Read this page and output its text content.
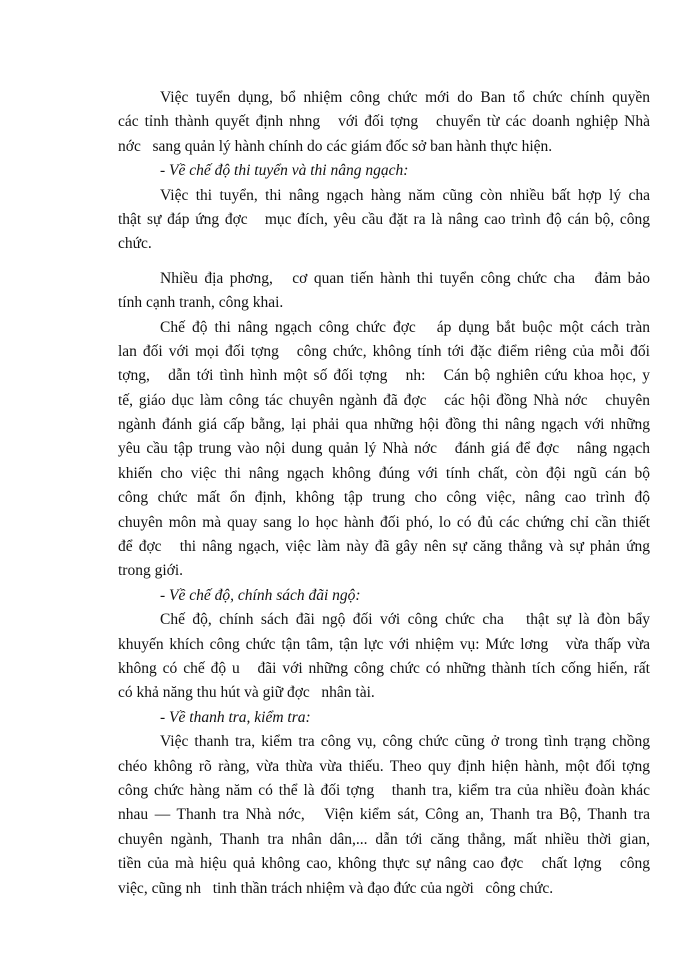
Việc tuyển dụng, bổ nhiệm công chức mới do Ban tổ chức chính quyền
các tỉnh thành quyết định nhng   với đối tợng   chuyển từ các doanh nghiệp Nhà
nớc   sang quản lý hành chính do các giám đốc sở ban hành thực hiện.
- Về chế độ thi tuyển và thi nâng ngạch:
Việc thi tuyển, thi nâng ngạch hàng năm cũng còn nhiều bất hợp lý cha
thật sự đáp ứng đợc   mục đích, yêu cầu đặt ra là nâng cao trình độ cán bộ, công
chức.
Nhiều địa phơng,   cơ quan tiến hành thi tuyển công chức cha   đảm bảo
tính cạnh tranh, công khai.
Chế độ thi nâng ngạch công chức đợc   áp dụng bắt buộc một cách tràn
lan đối với mọi đối tợng   công chức, không tính tới đặc điểm riêng của mỗi đối
tợng,   dẫn tới tình hình một số đối tợng   nh:   Cán bộ nghiên cứu khoa học, y
tế, giáo dục làm công tác chuyên ngành đã đợc   các hội đồng Nhà nớc   chuyên
ngành đánh giá cấp bằng, lại phải qua những hội đồng thi nâng ngạch với những
yêu cầu tập trung vào nội dung quản lý Nhà nớc   đánh giá để đợc   nâng ngạch
khiến cho việc thi nâng ngạch không đúng với tính chất, còn đội ngũ cán bộ
công chức mất ổn định, không tập trung cho công việc, nâng cao trình độ
chuyên môn mà quay sang lo học hành đối phó, lo có đủ các chứng chỉ cần thiết
để đợc   thi nâng ngạch, việc làm này đã gây nên sự căng thẳng và sự phản ứng
trong giới.
- Về chế độ, chính sách đãi ngộ:
Chế độ, chính sách đãi ngộ đối với công chức cha   thật sự là đòn bẩy
khuyến khích công chức tận tâm, tận lực với nhiệm vụ: Mức lơng   vừa thấp vừa
không có chế độ u   đãi với những công chức có những thành tích cống hiến, rất
có khả năng thu hút và giữ đợc   nhân tài.
- Về thanh tra, kiểm tra:
Việc thanh tra, kiểm tra công vụ, công chức cũng ở trong tình trạng chồng
chéo không rõ ràng, vừa thừa vừa thiếu. Theo quy định hiện hành, một đối tợng
công chức hàng năm có thể là đối tợng   thanh tra, kiểm tra của nhiều đoàn khác
nhau — Thanh tra Nhà nớc,   Viện kiểm sát, Công an, Thanh tra Bộ, Thanh tra
chuyên ngành, Thanh tra nhân dân,... dẫn tới căng thẳng, mất nhiều thời gian,
tiền của mà hiệu quả không cao, không thực sự nâng cao đợc   chất lợng   công
việc, cũng nh   tinh thần trách nhiệm và đạo đức của ngời   công chức.
